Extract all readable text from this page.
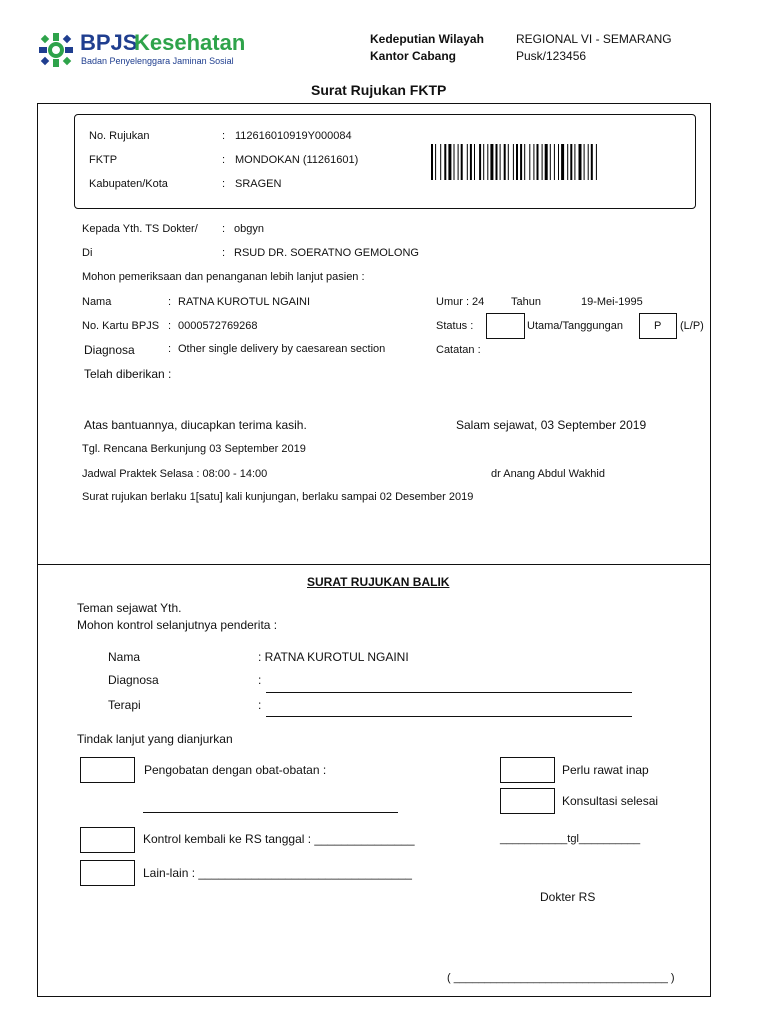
BPJS
Kesehatan
Badan Penyelenggara Jaminan Sosial
Kedeputian Wilayah	REGIONAL VI - SEMARANG
Kantor Cabang	Pusk/123456
Surat Rujukan FKTP
No. Rujukan	: 112616010919Y000084
FKTP	: MONDOKAN (11261601)
Kabupaten/Kota	: SRAGEN
Kepada Yth. TS Dokter/ : obgyn
Di	: RSUD DR. SOERATNO GEMOLONG
Mohon pemeriksaan dan penanganan lebih lanjut pasien :
Nama	: RATNA KUROTUL NGAINI	Umur : 24 Tahun	19-Mei-1995
No. Kartu BPJS : 0000572769268	Status :	Utama/Tanggungan	P (L/P)
Diagnosa	: Other single delivery by caesarean section	Catatan :
Telah diberikan :
Atas bantuannya, diucapkan terima kasih.	Salam sejawat, 03 September 2019
Tgl. Rencana Berkunjung 03 September 2019
Jadwal Praktek Selasa : 08:00 - 14:00	dr Anang Abdul Wakhid
Surat rujukan berlaku 1[satu] kali kunjungan, berlaku sampai 02 Desember 2019
SURAT RUJUKAN BALIK
Teman sejawat Yth.
Mohon kontrol selanjutnya penderita :
Nama	: RATNA KUROTUL NGAINI
Diagnosa	:
Terapi	:
Tindak lanjut yang dianjurkan
Pengobatan dengan obat-obatan :	Perlu rawat inap
Konsultasi selesai
Kontrol kembali ke RS tanggal : _______________	___________tgl__________
Lain-lain : ________________________________
Dokter RS
( ___________________________________ )
